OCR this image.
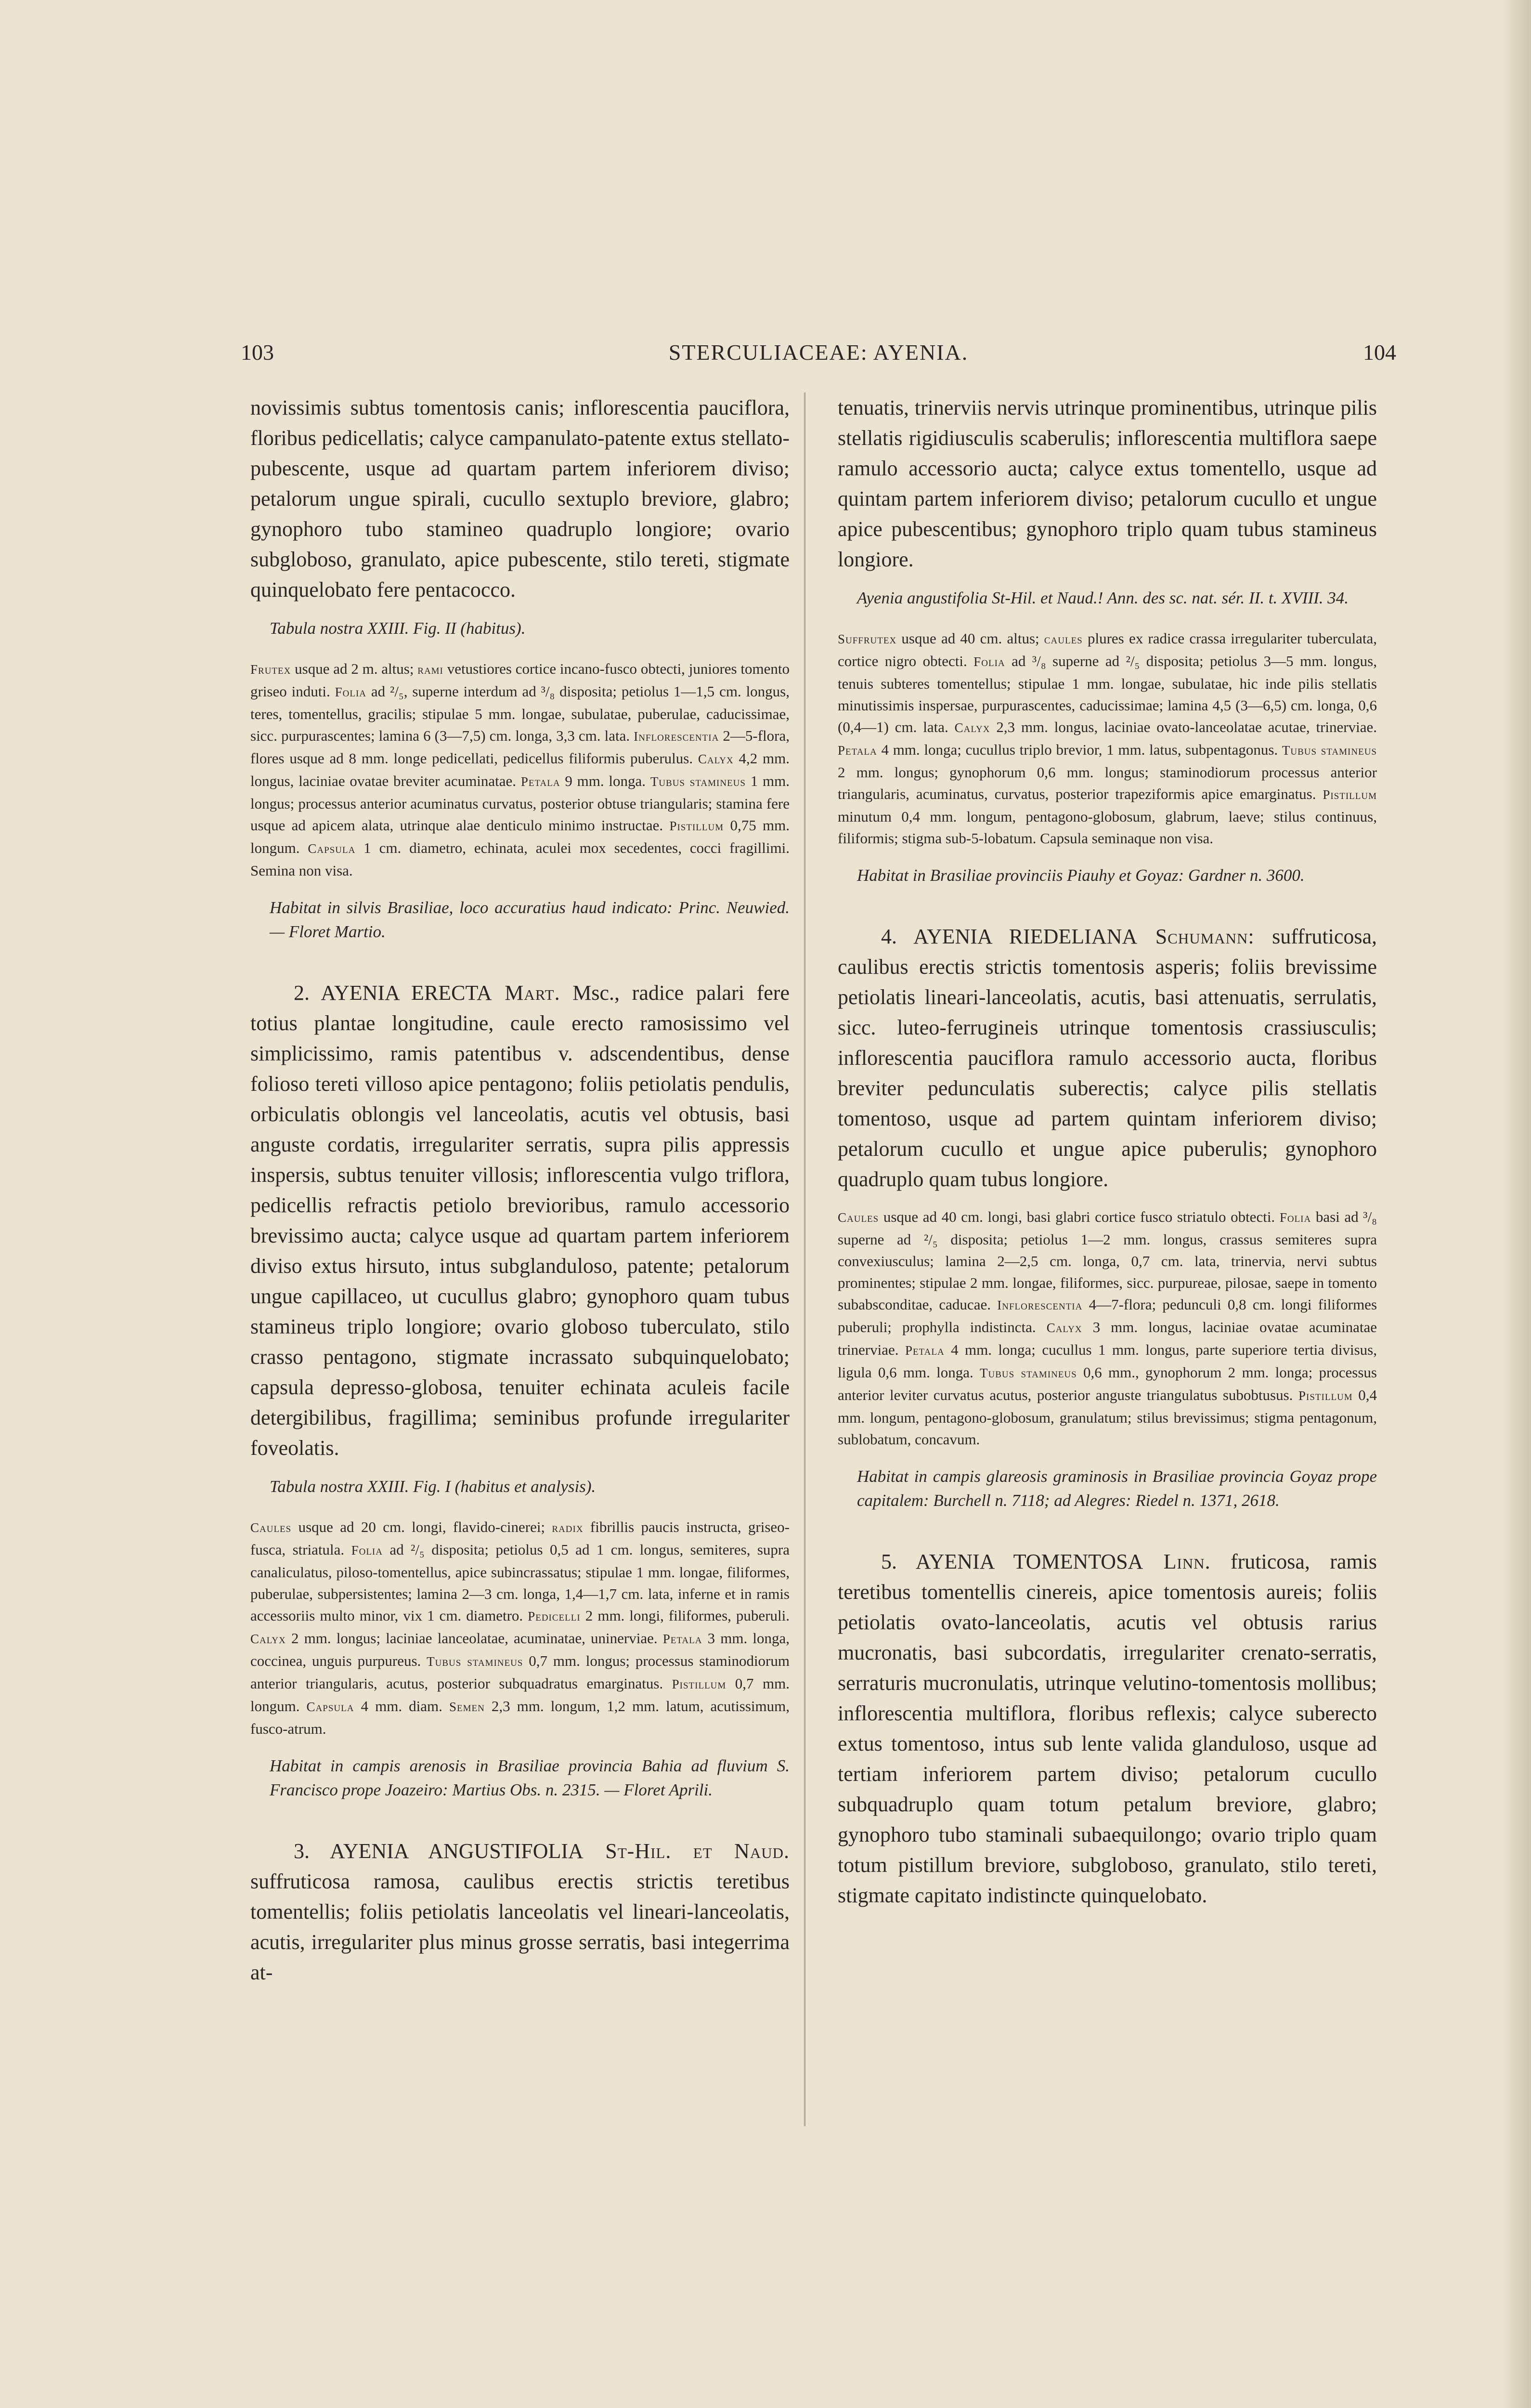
103	STERCULIACEAE: AYENIA.	104

novissimis subtus tomentosis canis; inflorescentia pauciflora, floribus pedicellatis; calyce campanulato-patente extus stellato-pubescente, usque ad quartam partem inferiorem diviso; petalorum ungue spirali, cucullo sextuplo breviore, glabro; gynophoro tubo stamineo quadruplo longiore; ovario subgloboso, granulato, apice pubescente, stilo tereti, stigmate quinquelobato fere pentacocco.

Tabula nostra XXIII. Fig. II (habitus).

Frutex usque ad 2 m. altus; rami vetustiores cortice incano-fusco obtecti, juniores tomento griseo induti. Folia ad ²/₅, superne interdum ad ³/₈ disposita; petiolus 1—1,5 cm. longus, teres, tomentellus, gracilis; stipulae 5 mm. longae, subulatae, puberulae, caducissimae, sicc. purpurascentes; lamina 6 (3—7,5) cm. longa, 3,3 cm. lata. Inflorescentia 2—5-flora, flores usque ad 8 mm. longe pedicellati, pedicellus filiformis puberulus. Calyx 4,2 mm. longus, laciniae ovatae breviter acuminatae. Petala 9 mm. longa. Tubus stamineus 1 mm. longus; processus anterior acuminatus curvatus, posterior obtuse triangularis; stamina fere usque ad apicem alata, utrinque alae denticulo minimo instructae. Pistillum 0,75 mm. longum. Capsula 1 cm. diametro, echinata, aculei mox secedentes, cocci fragillimi. Semina non visa.

Habitat in silvis Brasiliae, loco accuratius haud indicato: Princ. Neuwied. — Floret Martio.

2. AYENIA ERECTA Mart. Msc., radice palari fere totius plantae longitudine, caule erecto ramosissimo vel simplicissimo, ramis patentibus v. adscendentibus, dense folioso tereti villoso apice pentagono; foliis petiolatis pendulis, orbiculatis oblongis vel lanceolatis, acutis vel obtusis, basi anguste cordatis, irregulariter serratis, supra pilis appressis inspersis, subtus tenuiter villosis; inflorescentia vulgo triflora, pedicellis refractis petiolo brevioribus, ramulo accessorio brevissimo aucta; calyce usque ad quartam partem inferiorem diviso extus hirsuto, intus subglanduloso, patente; petalorum ungue capillaceo, ut cucullus glabro; gynophoro quam tubus stamineus triplo longiore; ovario globoso tuberculato, stilo crasso pentagono, stigmate incrassato subquinquelobato; capsula depresso-globosa, tenuiter echinata aculeis facile detergibilibus, fragillima; seminibus profunde irregulariter foveolatis.

Tabula nostra XXIII. Fig. I (habitus et analysis).

Caules usque ad 20 cm. longi, flavido-cinerei; radix fibrillis paucis instructa, griseo-fusca, striatula. Folia ad ²/₅ disposita; petiolus 0,5 ad 1 cm. longus, semiteres, supra canaliculatus, piloso-tomentellus, apice subincrassatus; stipulae 1 mm. longae, filiformes, puberulae, subpersistentes; lamina 2—3 cm. longa, 1,4—1,7 cm. lata, inferne et in ramis accessoriis multo minor, vix 1 cm. diametro. Pedicelli 2 mm. longi, filiformes, puberuli. Calyx 2 mm. longus; laciniae lanceolatae, acuminatae, uninerviae. Petala 3 mm. longa, coccinea, unguis purpureus. Tubus stamineus 0,7 mm. longus; processus staminodiorum anterior triangularis, acutus, posterior subquadratus emarginatus. Pistillum 0,7 mm. longum. Capsula 4 mm. diam. Semen 2,3 mm. longum, 1,2 mm. latum, acutissimum, fusco-atrum.

Habitat in campis arenosis in Brasiliae provincia Bahia ad fluvium S. Francisco prope Joazeiro: Martius Obs. n. 2315. — Floret Aprili.

3. AYENIA ANGUSTIFOLIA St-Hil. et Naud. suffruticosa ramosa, caulibus erectis strictis teretibus tomentellis; foliis petiolatis lanceolatis vel lineari-lanceolatis, acutis, irregulariter plus minus grosse serratis, basi integerrima at-

tenuatis, trinerviis nervis utrinque prominentibus, utrinque pilis stellatis rigidiusculis scaberulis; inflorescentia multiflora saepe ramulo accessorio aucta; calyce extus tomentello, usque ad quintam partem inferiorem diviso; petalorum cucullo et ungue apice pubescentibus; gynophoro triplo quam tubus stamineus longiore.

Ayenia angustifolia St-Hil. et Naud.! Ann. des sc. nat. sér. II. t. XVIII. 34.

Suffrutex usque ad 40 cm. altus; caules plures ex radice crassa irregulariter tuberculata, cortice nigro obtecti. Folia ad ³/₈ superne ad ²/₅ disposita; petiolus 3—5 mm. longus, tenuis subteres tomentellus; stipulae 1 mm. longae, subulatae, hic inde pilis stellatis minutissimis inspersae, purpurascentes, caducissimae; lamina 4,5 (3—6,5) cm. longa, 0,6 (0,4—1) cm. lata. Calyx 2,3 mm. longus, laciniae ovato-lanceolatae acutae, trinerviae. Petala 4 mm. longa; cucullus triplo brevior, 1 mm. latus, subpentagonus. Tubus stamineus 2 mm. longus; gynophorum 0,6 mm. longus; staminodiorum processus anterior triangularis, acuminatus, curvatus, posterior trapeziformis apice emarginatus. Pistillum minutum 0,4 mm. longum, pentagono-globosum, glabrum, laeve; stilus continuus, filiformis; stigma sub-5-lobatum. Capsula seminaque non visa.

Habitat in Brasiliae provinciis Piauhy et Goyaz: Gardner n. 3600.

4. AYENIA RIEDELIANA Schumann: suffruticosa, caulibus erectis strictis tomentosis asperis; foliis brevissime petiolatis lineari-lanceolatis, acutis, basi attenuatis, serrulatis, sicc. luteo-ferrugineis utrinque tomentosis crassiusculis; inflorescentia pauciflora ramulo accessorio aucta, floribus breviter pedunculatis suberectis; calyce pilis stellatis tomentoso, usque ad partem quintam inferiorem diviso; petalorum cucullo et ungue apice puberulis; gynophoro quadruplo quam tubus longiore.

Caules usque ad 40 cm. longi, basi glabri cortice fusco striatulo obtecti. Folia basi ad ³/₈ superne ad ²/₅ disposita; petiolus 1—2 mm. longus, crassus semiteres supra convexiusculus; lamina 2—2,5 cm. longa, 0,7 cm. lata, trinervia, nervi subtus prominentes; stipulae 2 mm. longae, filiformes, sicc. purpureae, pilosae, saepe in tomento subabsconditae, caducae. Inflorescentia 4—7-flora; pedunculi 0,8 cm. longi filiformes puberuli; prophylla indistincta. Calyx 3 mm. longus, laciniae ovatae acuminatae trinerviae. Petala 4 mm. longa; cucullus 1 mm. longus, parte superiore tertia divisus, ligula 0,6 mm. longa. Tubus stamineus 0,6 mm., gynophorum 2 mm. longa; processus anterior leviter curvatus acutus, posterior anguste triangulatus subobtusus. Pistillum 0,4 mm. longum, pentagono-globosum, granulatum; stilus brevissimus; stigma pentagonum, sublobatum, concavum.

Habitat in campis glareosis graminosis in Brasiliae provincia Goyaz prope capitalem: Burchell n. 7118; ad Alegres: Riedel n. 1371, 2618.

5. AYENIA TOMENTOSA Linn. fruticosa, ramis teretibus tomentellis cinereis, apice tomentosis aureis; foliis petiolatis ovato-lanceolatis, acutis vel obtusis rarius mucronatis, basi subcordatis, irregulariter crenato-serratis, serraturis mucronulatis, utrinque velutino-tomentosis mollibus; inflorescentia multiflora, floribus reflexis; calyce suberecto extus tomentoso, intus sub lente valida glanduloso, usque ad tertiam inferiorem partem diviso; petalorum cucullo subquadruplo quam totum petalum breviore, glabro; gynophoro tubo staminali subaequilongo; ovario triplo quam totum pistillum breviore, subgloboso, granulato, stilo tereti, stigmate capitato indistincte quinquelobato.
